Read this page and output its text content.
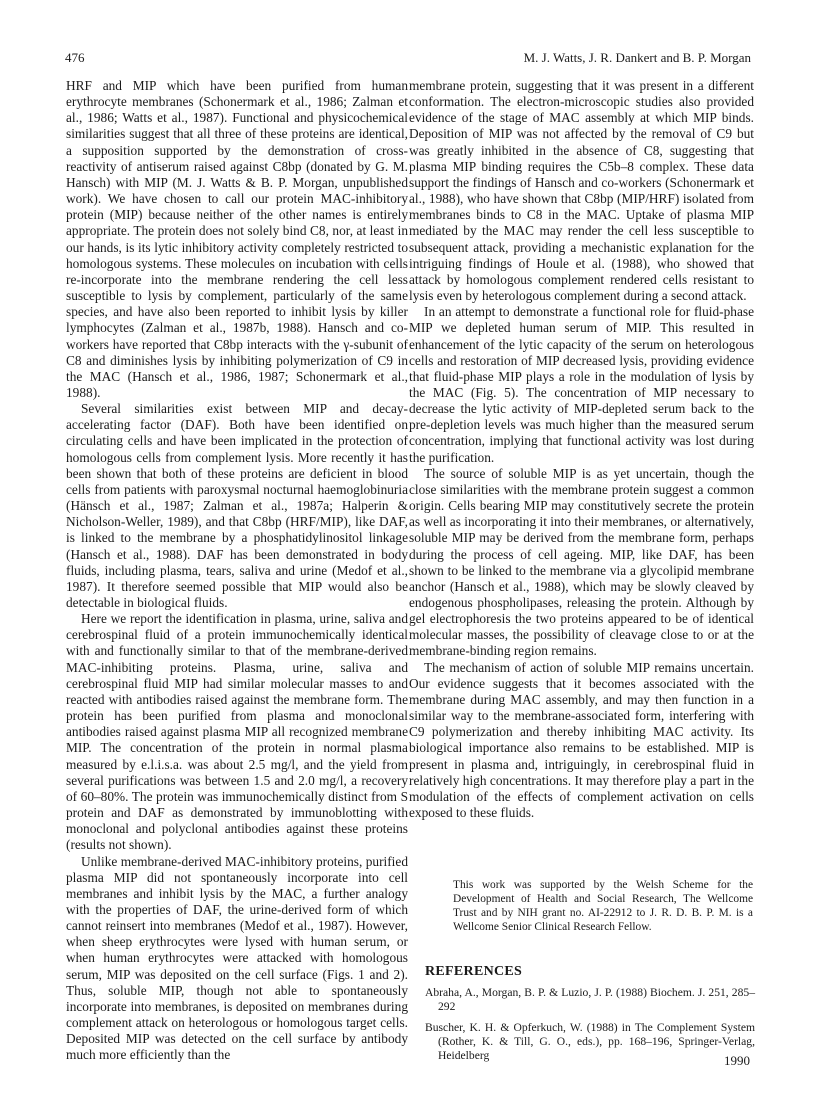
476	M. J. Watts, J. R. Dankert and B. P. Morgan

HRF and MIP which have been purified from human erythrocyte membranes (Schonermark et al., 1986; Zalman et al., 1986; Watts et al., 1987). Functional and physicochemical similarities suggest that all three of these proteins are identical, a supposition supported by the demonstration of cross-reactivity of antiserum raised against C8bp (donated by G. M. Hansch) with MIP (M. J. Watts & B. P. Morgan, unpublished work). We have chosen to call our protein MAC-inhibitory protein (MIP) because neither of the other names is entirely appropriate. The protein does not solely bind C8, nor, at least in our hands, is its lytic inhibitory activity completely restricted to homologous systems. These molecules on incubation with cells re-incorporate into the membrane rendering the cell less susceptible to lysis by complement, particularly of the same species, and have also been reported to inhibit lysis by killer lymphocytes (Zalman et al., 1987b, 1988). Hansch and co-workers have reported that C8bp interacts with the γ-subunit of C8 and diminishes lysis by inhibiting polymerization of C9 in the MAC (Hansch et al., 1986, 1987; Schonermark et al., 1988).

Several similarities exist between MIP and decay-accelerating factor (DAF). Both have been identified on circulating cells and have been implicated in the protection of homologous cells from complement lysis. More recently it has been shown that both of these proteins are deficient in blood cells from patients with paroxysmal nocturnal haemoglobinuria (Hänsch et al., 1987; Zalman et al., 1987a; Halperin & Nicholson-Weller, 1989), and that C8bp (HRF/MIP), like DAF, is linked to the membrane by a phosphatidylinositol linkage (Hansch et al., 1988). DAF has been demonstrated in body fluids, including plasma, tears, saliva and urine (Medof et al., 1987). It therefore seemed possible that MIP would also be detectable in biological fluids.

Here we report the identification in plasma, urine, saliva and cerebrospinal fluid of a protein immunochemically identical with and functionally similar to that of the membrane-derived MAC-inhibiting proteins. Plasma, urine, saliva and cerebrospinal fluid MIP had similar molecular masses to and reacted with antibodies raised against the membrane form. The protein has been purified from plasma and monoclonal antibodies raised against plasma MIP all recognized membrane MIP. The concentration of the protein in normal plasma measured by e.l.i.s.a. was about 2.5 mg/l, and the yield from several purifications was between 1.5 and 2.0 mg/l, a recovery of 60–80%. The protein was immunochemically distinct from S protein and DAF as demonstrated by immunoblotting with monoclonal and polyclonal antibodies against these proteins (results not shown).

Unlike membrane-derived MAC-inhibitory proteins, purified plasma MIP did not spontaneously incorporate into cell membranes and inhibit lysis by the MAC, a further analogy with the properties of DAF, the urine-derived form of which cannot reinsert into membranes (Medof et al., 1987). However, when sheep erythrocytes were lysed with human serum, or when human erythrocytes were attacked with homologous serum, MIP was deposited on the cell surface (Figs. 1 and 2). Thus, soluble MIP, though not able to spontaneously incorporate into membranes, is deposited on membranes during complement attack on heterologous or homologous target cells. Deposited MIP was detected on the cell surface by antibody much more efficiently than the

membrane protein, suggesting that it was present in a different conformation. The electron-microscopic studies also provided evidence of the stage of MAC assembly at which MIP binds. Deposition of MIP was not affected by the removal of C9 but was greatly inhibited in the absence of C8, suggesting that plasma MIP binding requires the C5b–8 complex. These data support the findings of Hansch and co-workers (Schonermark et al., 1988), who have shown that C8bp (MIP/HRF) isolated from membranes binds to C8 in the MAC. Uptake of plasma MIP mediated by the MAC may render the cell less susceptible to subsequent attack, providing a mechanistic explanation for the intriguing findings of Houle et al. (1988), who showed that attack by homologous complement rendered cells resistant to lysis even by heterologous complement during a second attack.

In an attempt to demonstrate a functional role for fluid-phase MIP we depleted human serum of MIP. This resulted in enhancement of the lytic capacity of the serum on heterologous cells and restoration of MIP decreased lysis, providing evidence that fluid-phase MIP plays a role in the modulation of lysis by the MAC (Fig. 5). The concentration of MIP necessary to decrease the lytic activity of MIP-depleted serum back to the pre-depletion levels was much higher than the measured serum concentration, implying that functional activity was lost during the purification.

The source of soluble MIP is as yet uncertain, though the close similarities with the membrane protein suggest a common origin. Cells bearing MIP may constitutively secrete the protein as well as incorporating it into their membranes, or alternatively, soluble MIP may be derived from the membrane form, perhaps during the process of cell ageing. MIP, like DAF, has been shown to be linked to the membrane via a glycolipid membrane anchor (Hansch et al., 1988), which may be slowly cleaved by endogenous phospholipases, releasing the protein. Although by gel electrophoresis the two proteins appeared to be of identical molecular masses, the possibility of cleavage close to or at the membrane-binding region remains.

The mechanism of action of soluble MIP remains uncertain. Our evidence suggests that it becomes associated with the membrane during MAC assembly, and may then function in a similar way to the membrane-associated form, interfering with C9 polymerization and thereby inhibiting MAC activity. Its biological importance also remains to be established. MIP is present in plasma and, intriguingly, in cerebrospinal fluid in relatively high concentrations. It may therefore play a part in the modulation of the effects of complement activation on cells exposed to these fluids.

This work was supported by the Welsh Scheme for the Development of Health and Social Research, The Wellcome Trust and by NIH grant no. AI-22912 to J. R. D. B. P. M. is a Wellcome Senior Clinical Research Fellow.
REFERENCES

Abraha, A., Morgan, B. P. & Luzio, J. P. (1988) Biochem. J. 251, 285–292

Buscher, K. H. & Opferkuch, W. (1988) in The Complement System (Rother, K. & Till, G. O., eds.), pp. 168–196, Springer-Verlag, Heidelberg	1990
